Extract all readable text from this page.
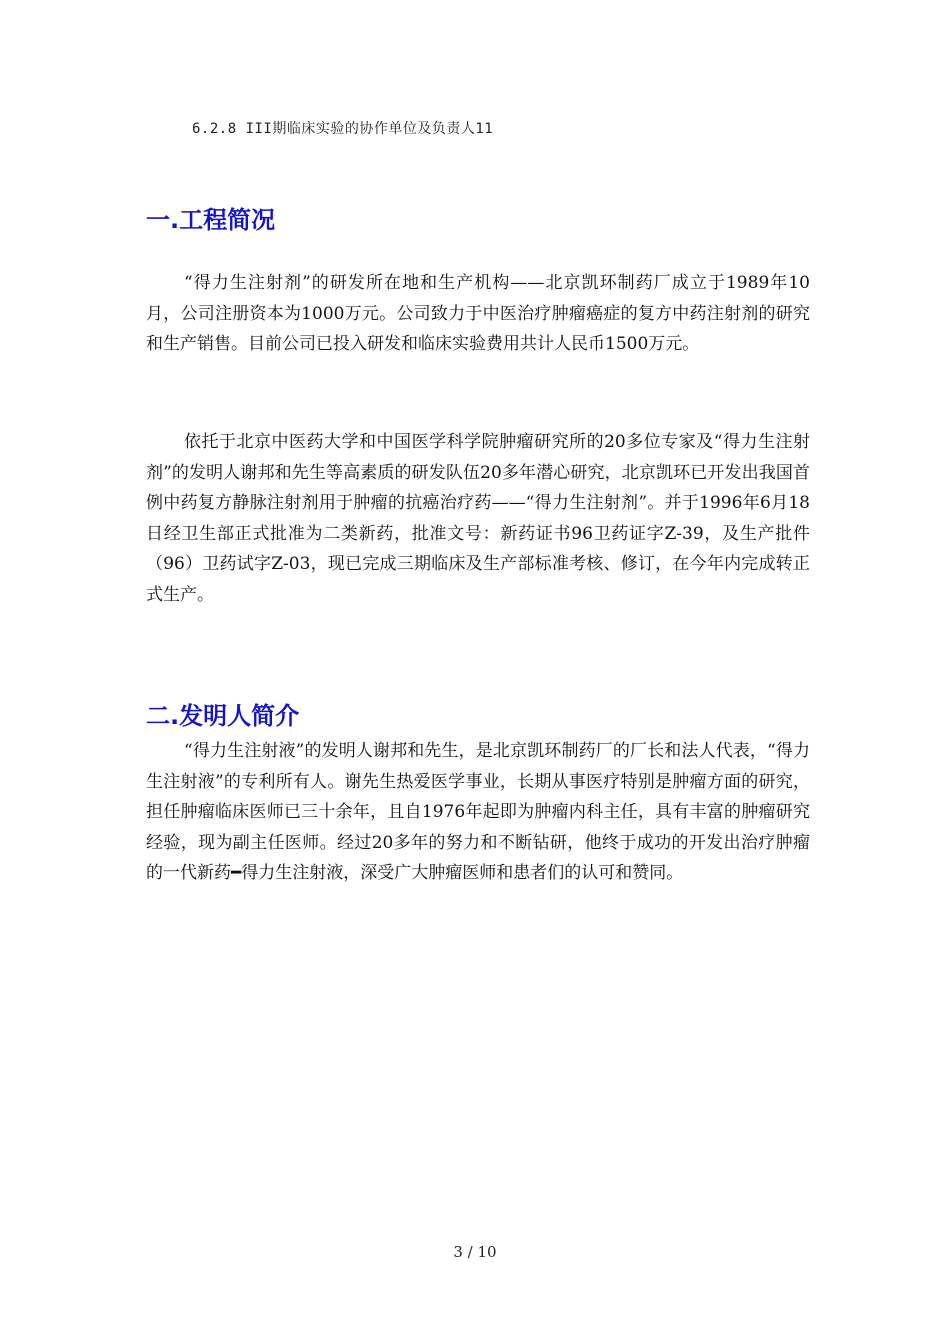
6.2.8 III期临床实验的协作单位及负责人11
一.工程简况

“得力生注射剂”的研发所在地和生产机构——北京凯环制药厂成立于1989年10月，公司注册资本为1000万元。公司致力于中医治疗肿瘤癌症的复方中药注射剂的研究和生产销售。目前公司已投入研发和临床实验费用共计人民币1500万元。

依托于北京中医药大学和中国医学科学院肿瘤研究所的20多位专家及“得力生注射剂”的发明人谢邦和先生等高素质的研发队伍20多年潜心研究，北京凯环已开发出我国首例中药复方静脉注射剂用于肿瘤的抗癌治疗药——“得力生注射剂”。并于1996年6月18日经卫生部正式批准为二类新药，批准文号：新药证书96卫药证字Z-39，及生产批件（96）卫药试字Z-03，现已完成三期临床及生产部标准考核、修订，在今年内完成转正式生产。

二.发明人简介

“得力生注射液”的发明人谢邦和先生，是北京凯环制药厂的厂长和法人代表，“得力生注射液”的专利所有人。谢先生热爱医学事业，长期从事医疗特别是肿瘤方面的研究，担任肿瘤临床医师已三十余年，且自1976年起即为肿瘤内科主任，具有丰富的肿瘤研究经验，现为副主任医师。经过20多年的努力和不断钻研，他终于成功的开发出治疗肿瘤的一代新药━得力生注射液，深受广大肿瘤医师和患者们的认可和赞同。

3 / 10
